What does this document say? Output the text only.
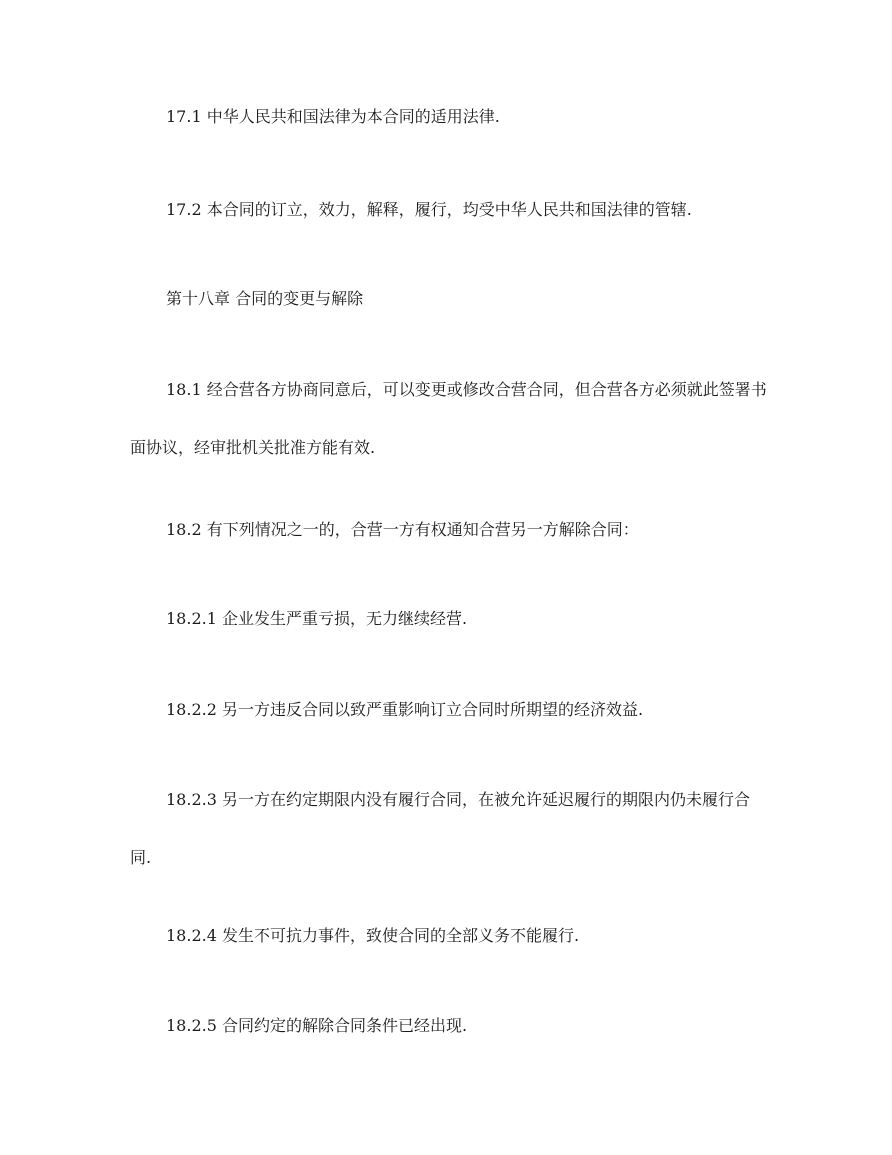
17.1 中华人民共和国法律为本合同的适用法律.

17.2 本合同的订立，效力，解释，履行，均受中华人民共和国法律的管辖.

第十八章 合同的变更与解除

18.1 经合营各方协商同意后，可以变更或修改合营合同，但合营各方必须就此签署书面协议，经审批机关批准方能有效.

18.2 有下列情况之一的，合营一方有权通知合营另一方解除合同：

18.2.1 企业发生严重亏损，无力继续经营.

18.2.2 另一方违反合同以致严重影响订立合同时所期望的经济效益.

18.2.3 另一方在约定期限内没有履行合同，在被允许延迟履行的期限内仍未履行合同.

18.2.4 发生不可抗力事件，致使合同的全部义务不能履行.

18.2.5 合同约定的解除合同条件已经出现.
